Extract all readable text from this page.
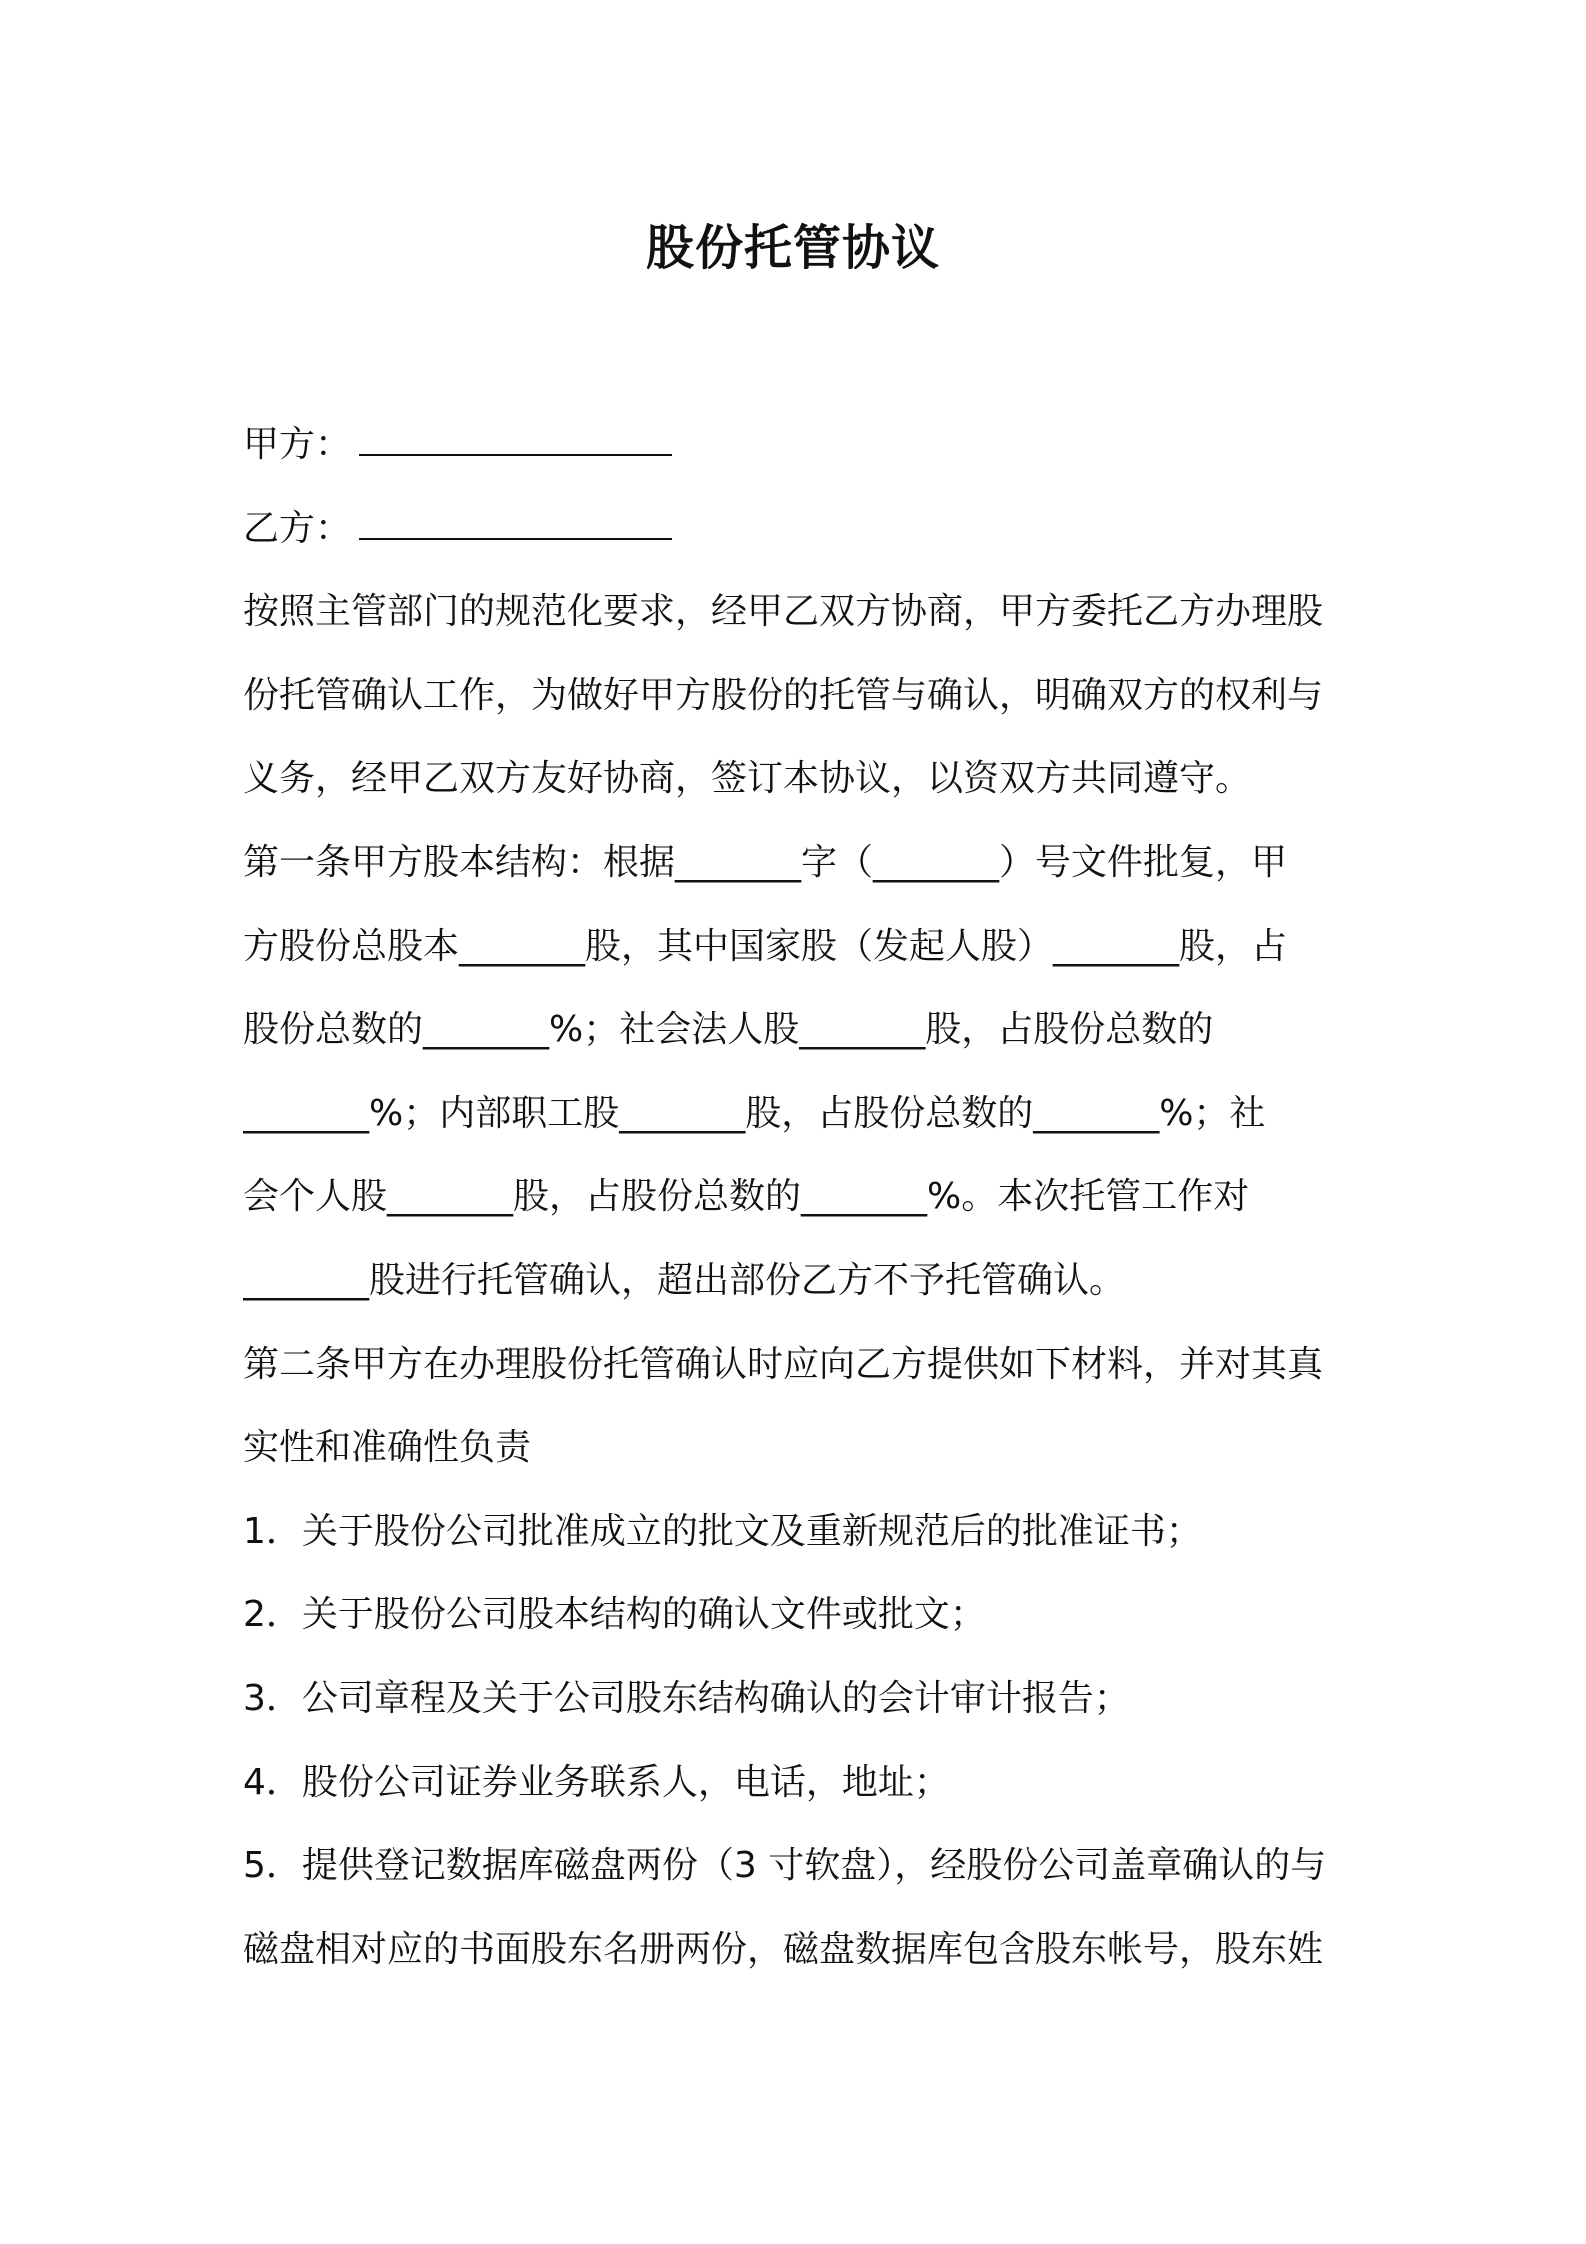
股份托管协议
甲方：
乙方：
按照主管部门的规范化要求，经甲乙双方协商，甲方委托乙方办理股
份托管确认工作，为做好甲方股份的托管与确认，明确双方的权利与
义务，经甲乙双方友好协商，签订本协议，以资双方共同遵守。
第一条甲方股本结构：根据_______字（_______）号文件批复，甲
方股份总股本_______股，其中国家股（发起人股）_______股，占
股份总数的_______%；社会法人股_______股，占股份总数的
_______%；内部职工股_______股，占股份总数的_______%；社
会个人股_______股，占股份总数的_______%。本次托管工作对
_______股进行托管确认，超出部份乙方不予托管确认。
第二条甲方在办理股份托管确认时应向乙方提供如下材料，并对其真
实性和准确性负责
1．关于股份公司批准成立的批文及重新规范后的批准证书；
2．关于股份公司股本结构的确认文件或批文；
3．公司章程及关于公司股东结构确认的会计审计报告；
4．股份公司证券业务联系人，电话，地址；
5．提供登记数据库磁盘两份（3 寸软盘），经股份公司盖章确认的与
磁盘相对应的书面股东名册两份，磁盘数据库包含股东帐号，股东姓
